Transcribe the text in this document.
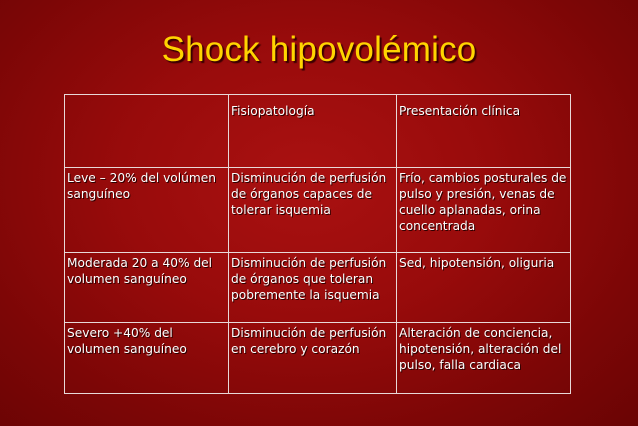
Shock hipovolémico
	Fisiopatología	Presentación clínica
Leve – 20% del volúmen sanguíneo	Disminución de perfusión de órganos capaces de tolerar isquemia	Frío, cambios posturales de pulso y presión, venas de cuello aplanadas, orina concentrada
Moderada 20 a 40% del volumen sanguíneo	Disminución de perfusión de órganos que toleran pobremente la isquemia	Sed, hipotensión, oliguria
Severo +40% del volumen sanguíneo	Disminución de perfusión en cerebro y corazón	Alteración de conciencia, hipotensión, alteración del pulso, falla cardiaca
